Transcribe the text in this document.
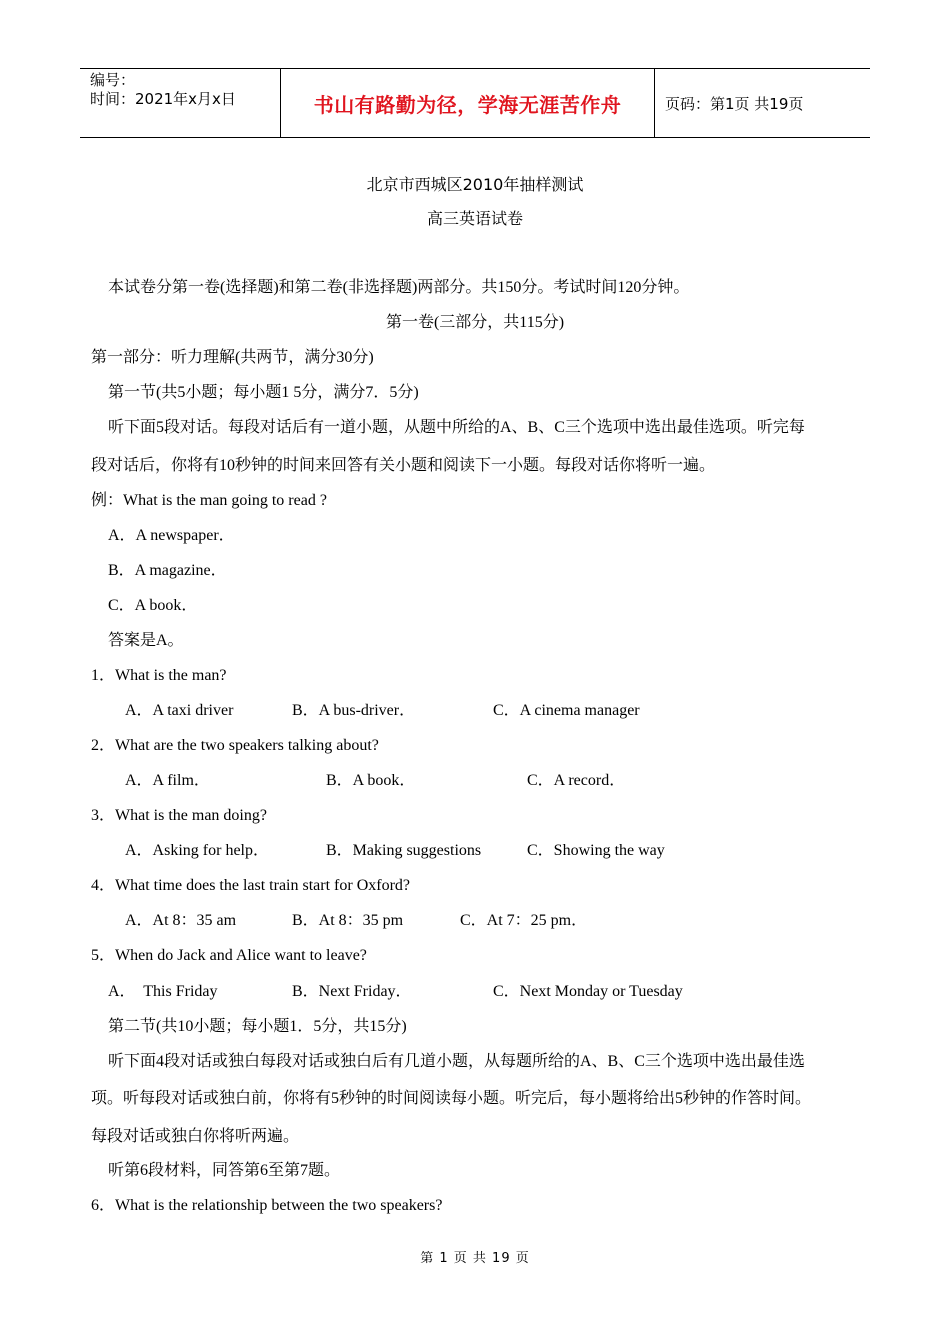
编号：
时间：2021年x月x日	书山有路勤为径，学海无涯苦作舟	页码：第1页 共19页
北京市西城区2010年抽样测试
高三英语试卷
本试卷分第一卷(选择题)和第二卷(非选择题)两部分。共150分。考试时间120分钟。
第一卷(三部分，共115分)
第一部分：听力理解(共两节，满分30分)
第一节(共5小题；每小题1 5分，满分7．5分)
听下面5段对话。每段对话后有一道小题，从题中所给的A、B、C三个选项中选出最佳选项。听完每
段对话后，你将有10秒钟的时间来回答有关小题和阅读下一小题。每段对话你将听一遍。
例：What is the man going to read ?
A．A newspaper．
B．A magazine．
C．A book．
答案是A。
1．What is the man?
A．A taxi driver	B．A bus-driver．	C．A cinema manager
2．What are the two speakers talking about?
A．A film．	B．A book．	C．A record．
3．What is the man doing?
A．Asking for help．	B．Making suggestions	C．Showing the way
4．What time does the last train start for Oxford?
A．At 8：35 am	B．At 8：35 pm	C．At 7：25 pm．
5．When do Jack and Alice want to leave?
A．  This Friday	B．Next Friday．	C．Next Monday or Tuesday
第二节(共10小题；每小题1．5分，共15分)
听下面4段对话或独白每段对话或独白后有几道小题，从每题所给的A、B、C三个选项中选出最佳选
项。听每段对话或独白前，你将有5秒钟的时间阅读每小题。听完后，每小题将给出5秒钟的作答时间。
每段对话或独白你将听两遍。
听第6段材料，同答第6至第7题。
6．What is the relationship between the two speakers?
第 1 页 共 19 页
